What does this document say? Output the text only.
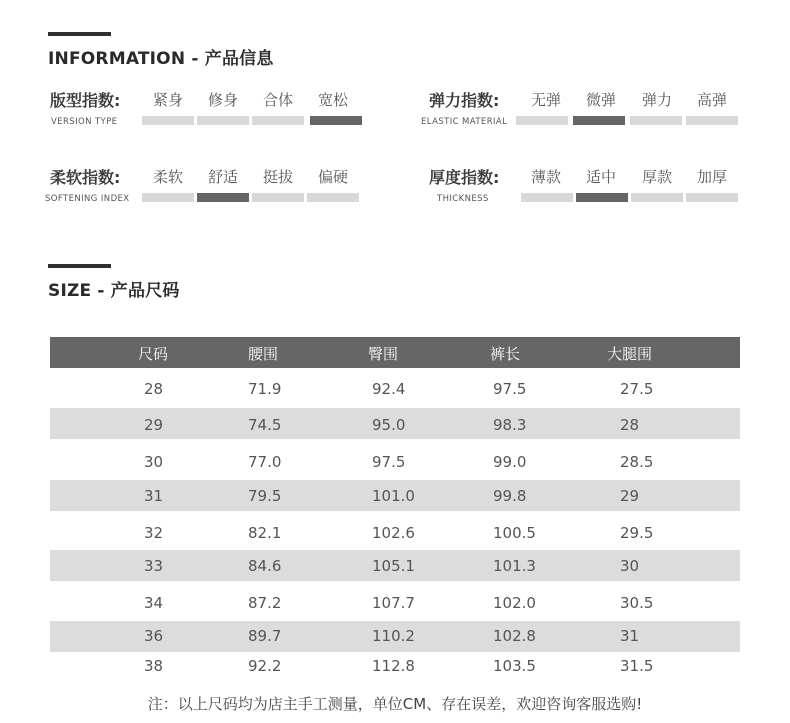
INFORMATION - 产品信息
版型指数:
VERSION TYPE
紧身	修身	合体	宽松	弹力指数:
ELASTIC MATERIAL
无弹	微弹	弹力	高弹
柔软指数:
SOFTENING INDEX
柔软	舒适	挺拔	偏硬	厚度指数:
THICKNESS
薄款	适中	厚款	加厚
SIZE - 产品尺码
尺码	腰围	臀围	裤长	大腿围
28	71.9	92.4	97.5	27.5
29	74.5	95.0	98.3	28
30	77.0	97.5	99.0	28.5
31	79.5	101.0	99.8	29
32	82.1	102.6	100.5	29.5
33	84.6	105.1	101.3	30
34	87.2	107.7	102.0	30.5
36	89.7	110.2	102.8	31
38	92.2	112.8	103.5	31.5
注：以上尺码均为店主手工测量，单位CM、存在误差，欢迎咨询客服选购!
